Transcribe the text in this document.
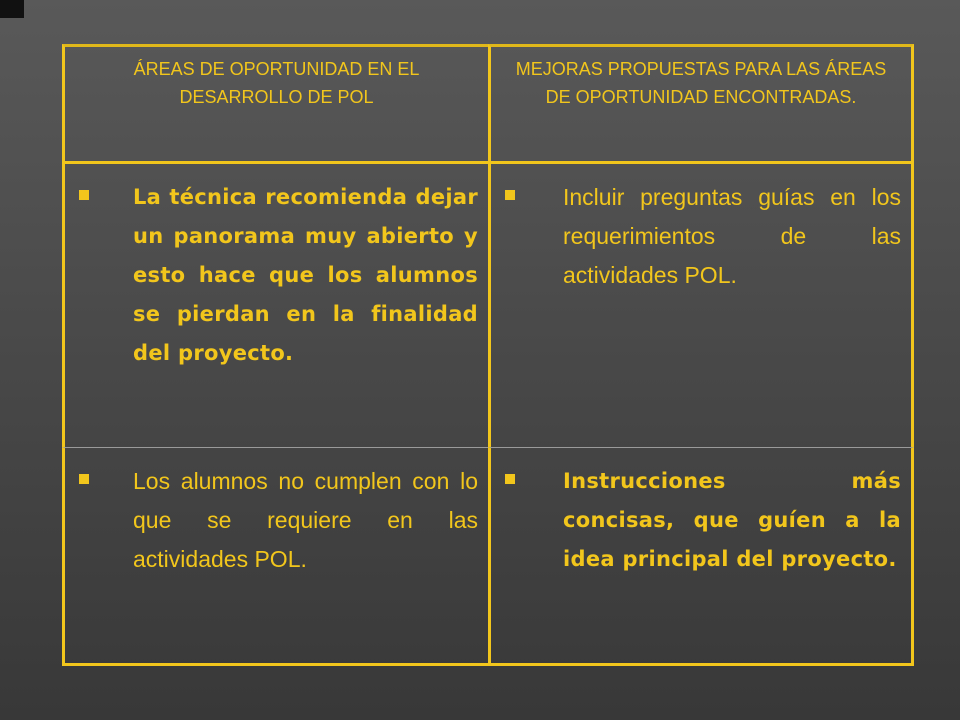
ÁREAS DE OPORTUNIDAD EN EL DESARROLLO DE POL
MEJORAS PROPUESTAS PARA LAS ÁREAS DE OPORTUNIDAD ENCONTRADAS.
La técnica recomienda dejar un panorama muy abierto y esto hace que los alumnos se pierdan en la finalidad del proyecto.
Incluir preguntas guías en los requerimientos de las actividades POL.
Los alumnos no cumplen con lo que se requiere en las actividades POL.
Instrucciones más concisas, que guíen a la idea principal del proyecto.
